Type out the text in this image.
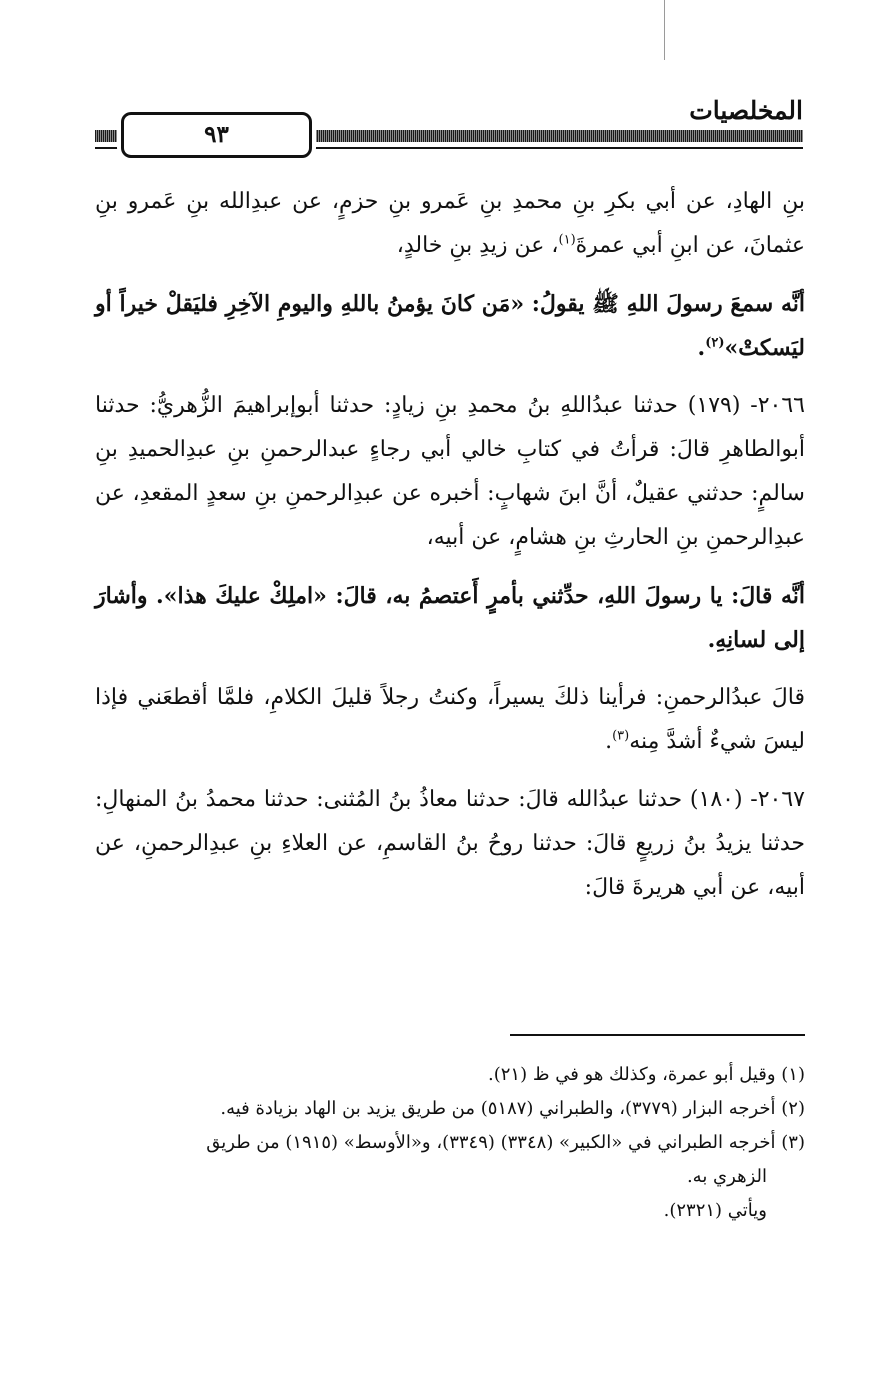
المخلصيات
٩٣

بنِ الهادِ، عن أبي بكرِ بنِ محمدِ بنِ عَمرو بنِ حزمٍ، عن عبدِالله بنِ عَمرو بنِ عثمانَ، عن ابنِ أبي عمرةَ$^{(١)}$، عن زيدِ بنِ خالدٍ،

أنَّه سمعَ رسولَ اللهِ ﷺ يقولُ: «مَن كانَ يؤمنُ باللهِ واليومِ الآخِرِ فليَقلْ خيراً أو ليَسكتْ»$^{(٢)}$.

٢٠٦٦- (١٧٩) حدثنا عبدُاللهِ بنُ محمدِ بنِ زيادٍ: حدثنا أبوإبراهيمَ الزُّهريُّ: حدثنا أبوالطاهرِ قالَ: قرأتُ في كتابِ خالي أبي رجاءٍ عبدالرحمنِ بنِ عبدِالحميدِ بنِ سالمٍ: حدثني عقيلٌ، أنَّ ابنَ شهابٍ: أخبره عن عبدِالرحمنِ بنِ سعدٍ المقعدِ، عن عبدِالرحمنِ بنِ الحارثِ بنِ هشامٍ، عن أبيه،

أنَّه قالَ: يا رسولَ اللهِ، حدِّثني بأمرٍ أَعتصمُ به، قالَ: «املِكْ عليكَ هذا». وأشارَ إلى لسانِهِ.

قالَ عبدُالرحمنِ: فرأينا ذلكَ يسيراً، وكنتُ رجلاً قليلَ الكلامِ، فلمَّا أقطعَني فإذا ليسَ شيءٌ أشدَّ مِنه$^{(٣)}$.

٢٠٦٧- (١٨٠) حدثنا عبدُالله قالَ: حدثنا معاذُ بنُ المُثنى: حدثنا محمدُ بنُ المنهالِ: حدثنا يزيدُ بنُ زريعٍ قالَ: حدثنا روحُ بنُ القاسمِ، عن العلاءِ بنِ عبدِالرحمنِ، عن أبيه، عن أبي هريرةَ قالَ:

(١) وقيل أبو عمرة، وكذلك هو في ظ (٢١).

(٢) أخرجه البزار (٣٧٧٩)، والطبراني (٥١٨٧) من طريق يزيد بن الهاد بزيادة فيه.

(٣) أخرجه الطبراني في «الكبير» (٣٣٤٨) (٣٣٤٩)، و«الأوسط» (١٩١٥) من طريق

الزهري به.

ويأتي (٢٣٢١).
